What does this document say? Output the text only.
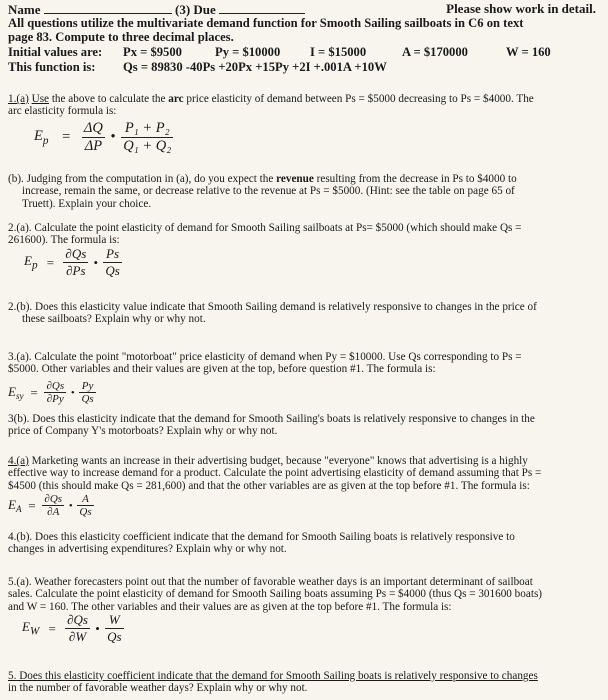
Name	(3) Due	Please show work in detail.
All questions utilize the multivariate demand function for Smooth Sailing sailboats in C6 on text
page 83. Compute to three decimal places.
Initial values are: Px = $9500	Py = $10000 I = $15000	A = $170000	W = 160
This function is: Qs = 89830 -40Ps +20Px +15Py +2I +.001A +10W
1.(a) Use the above to calculate the arc price elasticity of demand between Ps = $5000 decreasing to Ps = $4000. The
arc elasticity formula is:
$E_p = \frac{\Delta Q}{\Delta P}$ • $\frac{\text{P₁ + P₂}}{\text{Q₁ + Q₂}}$
(b). Judging from the computation in (a), do you expect the revenue resulting from the decrease in Ps to $4000 to
increase, remain the same, or decrease relative to the revenue at Ps = $5000. (Hint: see the table on page 65 of
Truett). Explain your choice.
2.(a). Calculate the point elasticity of demand for Smooth Sailing sailboats at Ps= $5000 (which should make Qs =
261600). The formula is:
$E_p = \frac{\partial Qs}{\partial Ps}$ • $\frac{Ps}{Qs}$
2.(b). Does this elasticity value indicate that Smooth Sailing demand is relatively responsive to changes in the price of
these sailboats? Explain why or why not.
3.(a). Calculate the point "motorboat" price elasticity of demand when Py = $10000. Use Qs corresponding to Ps =
$5000. Other variables and their values are given at the top, before question #1. The formula is:
$E_{sy} = \frac{\partial Qs}{\partial Py}$ • $\frac{Py}{Qs}$
3(b). Does this elasticity indicate that the demand for Smooth Sailing's boats is relatively responsive to changes in the
price of Company Y's motorboats? Explain why or why not.
4.(a) Marketing wants an increase in their advertising budget, because "everyone" knows that advertising is a highly
effective way to increase demand for a product. Calculate the point advertising elasticity of demand assuming that Ps =
$4500 (this should make Qs = 281,600) and that the other variables are as given at the top before #1. The formula is:
$E_A = \frac{\partial Qs}{\partial A}$ • $\frac{A}{Qs}$
4.(b). Does this elasticity coefficient indicate that the demand for Smooth Sailing boats is relatively responsive to
changes in advertising expenditures? Explain why or why not.
5.(a). Weather forecasters point out that the number of favorable weather days is an important determinant of sailboat
sales. Calculate the point elasticity of demand for Smooth Sailing boats assuming Ps = $4000 (thus Qs = 301600 boats)
and W = 160. The other variables and their values are as given at the top before #1. The formula is:
$E_W = \frac{\partial Qs}{\partial W}$ • $\frac{W}{Qs}$
5. Does this elasticity coefficient indicate that the demand for Smooth Sailing boats is relatively responsive to changes
in the number of favorable weather days? Explain why or why not.
